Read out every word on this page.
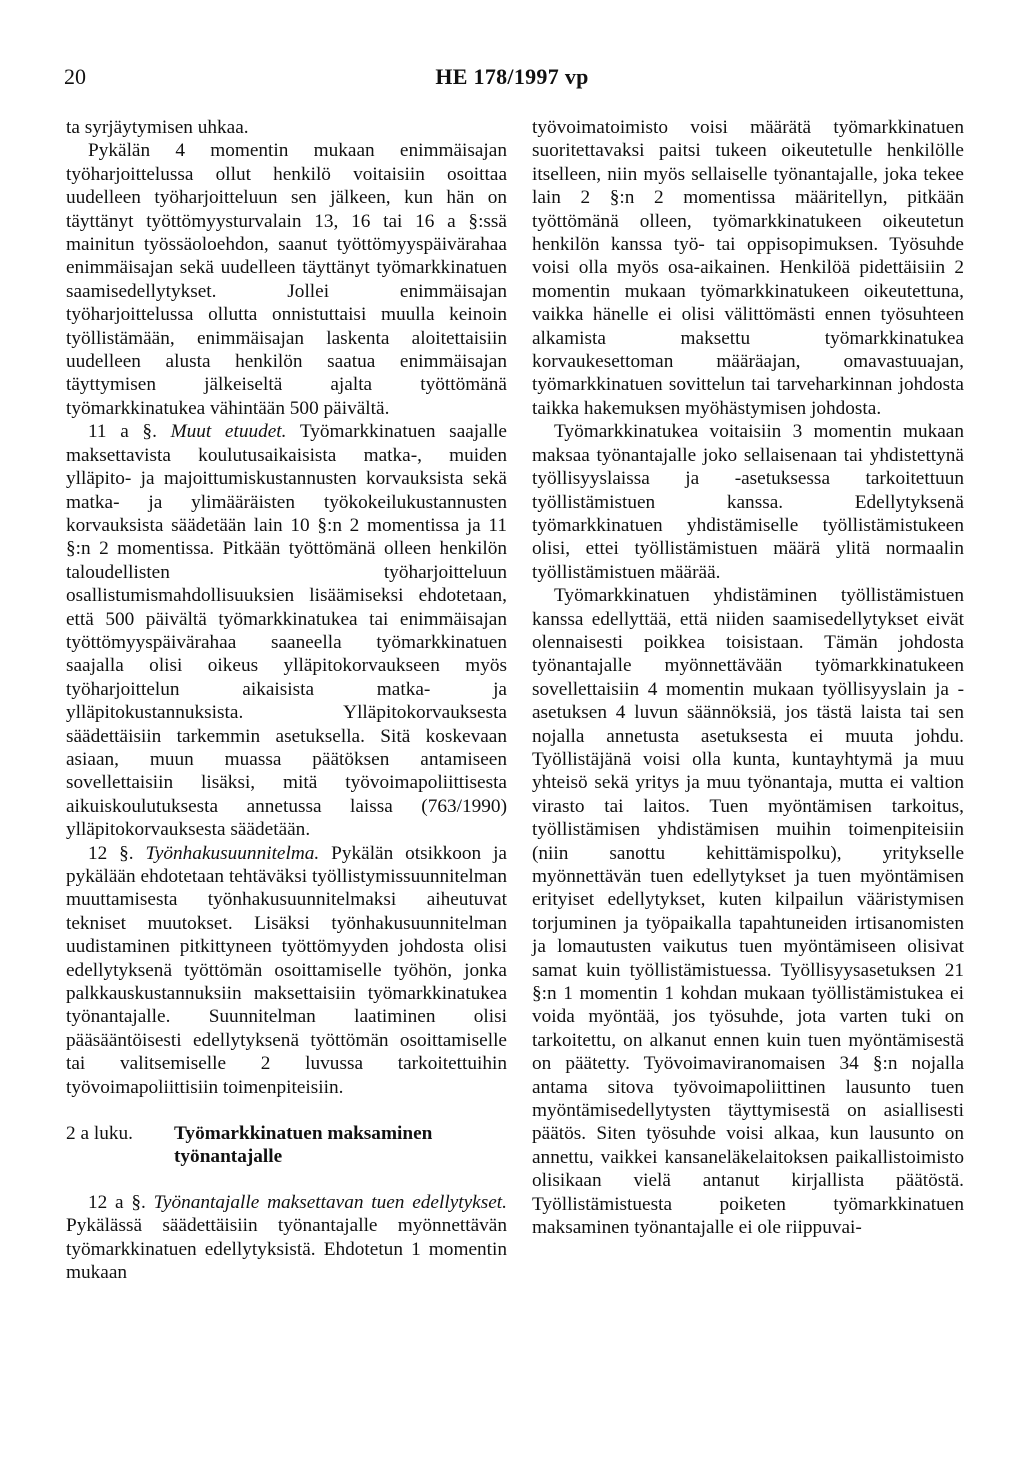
20	HE 178/1997 vp

ta syrjäytymisen uhkaa.

Pykälän 4 momentin mukaan enimmäisajan työharjoittelussa ollut henkilö voitaisiin osoittaa uudelleen työharjoitteluun sen jälkeen, kun hän on täyttänyt työttömyysturvalain 13, 16 tai 16 a §:ssä mainitun työssäoloehdon, saanut työttömyyspäivärahaa enimmäisajan sekä uudelleen täyttänyt työmarkkinatuen saamisedellytykset. Jollei enimmäisajan työharjoittelussa ollutta onnistuttaisi muulla keinoin työllistämään, enimmäisajan laskenta aloitettaisiin uudelleen alusta henkilön saatua enimmäisajan täyttymisen jälkeiseltä ajalta työttömänä työmarkkinatukea vähintään 500 päivältä.

11 a §. Muut etuudet. Työmarkkinatuen saajalle maksettavista koulutusaikaisista matka-, muiden ylläpito- ja majoittumiskustannusten korvauksista sekä matka- ja ylimääräisten työkokeilukustannusten korvauksista säädetään lain 10 §:n 2 momentissa ja 11 §:n 2 momentissa. Pitkään työttömänä olleen henkilön taloudellisten työharjoitteluun osallistumismahdollisuuksien lisäämiseksi ehdotetaan, että 500 päivältä työmarkkinatukea tai enimmäisajan työttömyyspäivärahaa saaneella työmarkkinatuen saajalla olisi oikeus ylläpitokorvaukseen myös työharjoittelun aikaisista matka- ja ylläpitokustannuksista. Ylläpitokorvauksesta säädettäisiin tarkemmin asetuksella. Sitä koskevaan asiaan, muun muassa päätöksen antamiseen sovellettaisiin lisäksi, mitä työvoimapoliittisesta aikuiskoulutuksesta annetussa laissa (763/1990) ylläpitokorvauksesta säädetään.

12 §. Työnhakusuunnitelma. Pykälän otsikkoon ja pykälään ehdotetaan tehtäväksi työllistymissuunnitelman muuttamisesta työnhakusuunnitelmaksi aiheutuvat tekniset muutokset. Lisäksi työnhakusuunnitelman uudistaminen pitkittyneen työttömyyden johdosta olisi edellytyksenä työttömän osoittamiselle työhön, jonka palkkauskustannuksiin maksettaisiin työmarkkinatukea työnantajalle. Suunnitelman laatiminen olisi pääsääntöisesti edellytyksenä työttömän osoittamiselle tai valitsemiselle 2 luvussa tarkoitettuihin työvoimapoliittisiin toimenpiteisiin.

2 a luku.	Työmarkkinatuen maksaminen työnantajalle

12 a §. Työnantajalle maksettavan tuen edellytykset. Pykälässä säädettäisiin työnantajalle myönnettävän työmarkkinatuen edellytyksistä. Ehdotetun 1 momentin mukaan

työvoimatoimisto voisi määrätä työmarkkinatuen suoritettavaksi paitsi tukeen oikeutetulle henkilölle itselleen, niin myös sellaiselle työnantajalle, joka tekee lain 2 §:n 2 momentissa määritellyn, pitkään työttömänä olleen, työmarkkinatukeen oikeutetun henkilön kanssa työ- tai oppisopimuksen. Työsuhde voisi olla myös osa-aikainen. Henkilöä pidettäisiin 2 momentin mukaan työmarkkinatukeen oikeutettuna, vaikka hänelle ei olisi välittömästi ennen työsuhteen alkamista maksettu työmarkkinatukea korvaukesettoman määräajan, omavastuuajan, työmarkkinatuen sovittelun tai tarveharkinnan johdosta taikka hakemuksen myöhästymisen johdosta.

Työmarkkinatukea voitaisiin 3 momentin mukaan maksaa työnantajalle joko sellaisenaan tai yhdistettynä työllisyyslaissa ja -asetuksessa tarkoitettuun työllistämistuen kanssa. Edellytyksenä työmarkkinatuen yhdistämiselle työllistämistukeen olisi, ettei työllistämistuen määrä ylitä normaalin työllistämistuen määrää.

Työmarkkinatuen yhdistäminen työllistämistuen kanssa edellyttää, että niiden saamisedellytykset eivät olennaisesti poikkea toisistaan. Tämän johdosta työnantajalle myönnettävään työmarkkinatukeen sovellettaisiin 4 momentin mukaan työllisyyslain ja -asetuksen 4 luvun säännöksiä, jos tästä laista tai sen nojalla annetusta asetuksesta ei muuta johdu. Työllistäjänä voisi olla kunta, kuntayhtymä ja muu yhteisö sekä yritys ja muu työnantaja, mutta ei valtion virasto tai laitos. Tuen myöntämisen tarkoitus, työllistämisen yhdistämisen muihin toimenpiteisiin (niin sanottu kehittämispolku), yritykselle myönnettävän tuen edellytykset ja tuen myöntämisen erityiset edellytykset, kuten kilpailun vääristymisen torjuminen ja työpaikalla tapahtuneiden irtisanomisten ja lomautusten vaikutus tuen myöntämiseen olisivat samat kuin työllistämistuessa. Työllisyysasetuksen 21 §:n 1 momentin 1 kohdan mukaan työllistämistukea ei voida myöntää, jos työsuhde, jota varten tuki on tarkoitettu, on alkanut ennen kuin tuen myöntämisestä on päätetty. Työvoimaviranomaisen 34 §:n nojalla antama sitova työvoimapoliittinen lausunto tuen myöntämisedellytysten täyttymisestä on asiallisesti päätös. Siten työsuhde voisi alkaa, kun lausunto on annettu, vaikkei kansaneläkelaitoksen paikallistoimisto olisikaan vielä antanut kirjallista päätöstä. Työllistämistuesta poiketen työmarkkinatuen maksaminen työnantajalle ei ole riippuvai-
